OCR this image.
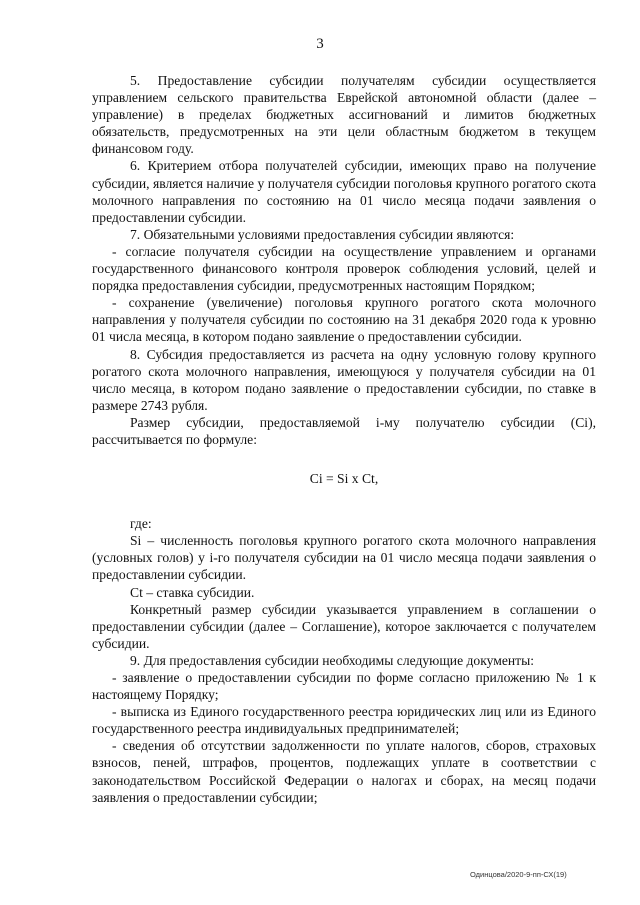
3

5. Предоставление субсидии получателям субсидии осуществляется управлением сельского правительства Еврейской автономной области (далее – управление) в пределах бюджетных ассигнований и лимитов бюджетных обязательств, предусмотренных на эти цели областным бюджетом в текущем финансовом году.

6. Критерием отбора получателей субсидии, имеющих право на получение субсидии, является наличие у получателя субсидии поголовья крупного рогатого скота молочного направления по состоянию на 01 число месяца подачи заявления о предоставлении субсидии.

7. Обязательными условиями предоставления субсидии являются:

- согласие получателя субсидии на осуществление управлением и органами государственного финансового контроля проверок соблюдения условий, целей и порядка предоставления субсидии, предусмотренных настоящим Порядком;

- сохранение (увеличение) поголовья крупного рогатого скота молочного направления у получателя субсидии по состоянию на 31 декабря 2020 года к уровню 01 числа месяца, в котором подано заявление о предоставлении субсидии.

8. Субсидия предоставляется из расчета на одну условную голову крупного рогатого скота молочного направления, имеющуюся у получателя субсидии на 01 число месяца, в котором подано заявление о предоставлении субсидии, по ставке в размере 2743 рубля.

Размер субсидии, предоставляемой i-му получателю субсидии (Ci), рассчитывается по формуле:

Ci = Si x Ct,

где:

Si – численность поголовья крупного рогатого скота молочного направления (условных голов) у i-го получателя субсидии на 01 число месяца подачи заявления о предоставлении субсидии.

Ct – ставка субсидии.

Конкретный размер субсидии указывается управлением в соглашении о предоставлении субсидии (далее – Соглашение), которое заключается с получателем субсидии.

9. Для предоставления субсидии необходимы следующие документы:

- заявление о предоставлении субсидии по форме согласно приложению № 1 к настоящему Порядку;

- выписка из Единого государственного реестра юридических лиц или из Единого государственного реестра индивидуальных предпринимателей;

- сведения об отсутствии задолженности по уплате налогов, сборов, страховых взносов, пеней, штрафов, процентов, подлежащих уплате в соответствии с законодательством Российской Федерации о налогах и сборах, на месяц подачи заявления о предоставлении субсидии;

Одинцова/2020-9-пп-СХ(19)
